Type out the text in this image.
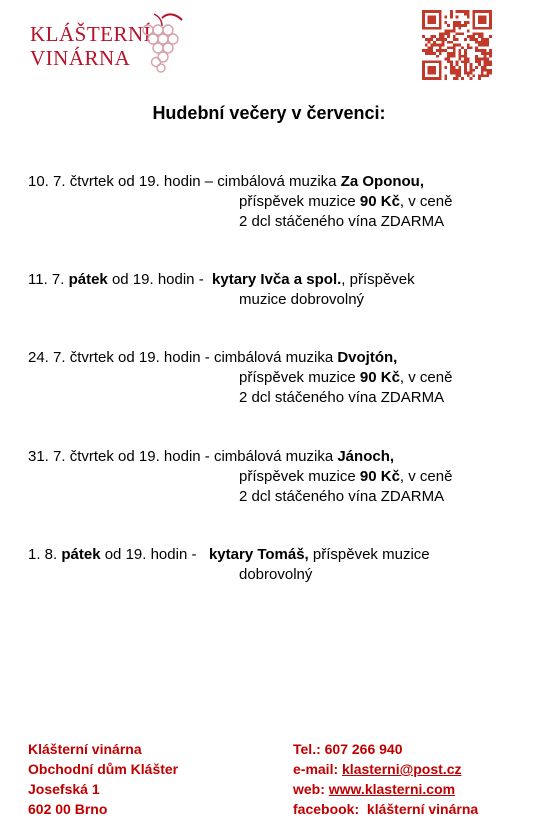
KLÁŠTERNÍ
VINÁRNA
Hudební večery v červenci:
10. 7. čtvrtek od 19. hodin – cimbálová muzika Za Oponou,
příspěvek muzice 90 Kč, v ceně
2 dcl stáčeného vína ZDARMA
11. 7. pátek od 19. hodin -  kytary Ivča a spol., příspěvek
muzice dobrovolný
24. 7. čtvrtek od 19. hodin - cimbálová muzika Dvojtón,
příspěvek muzice 90 Kč, v ceně
2 dcl stáčeného vína ZDARMA
31. 7. čtvrtek od 19. hodin - cimbálová muzika Jánoch,
příspěvek muzice 90 Kč, v ceně
2 dcl stáčeného vína ZDARMA
1. 8. pátek od 19. hodin -   kytary Tomáš, příspěvek muzice
dobrovolný
Klášterní vinárna
Obchodní dům Klášter
Josefská 1
602 00 Brno
Tel.: 607 266 940
e-mail: klasterni@post.cz
web: www.klasterni.com
facebook:  klášterní vinárna
